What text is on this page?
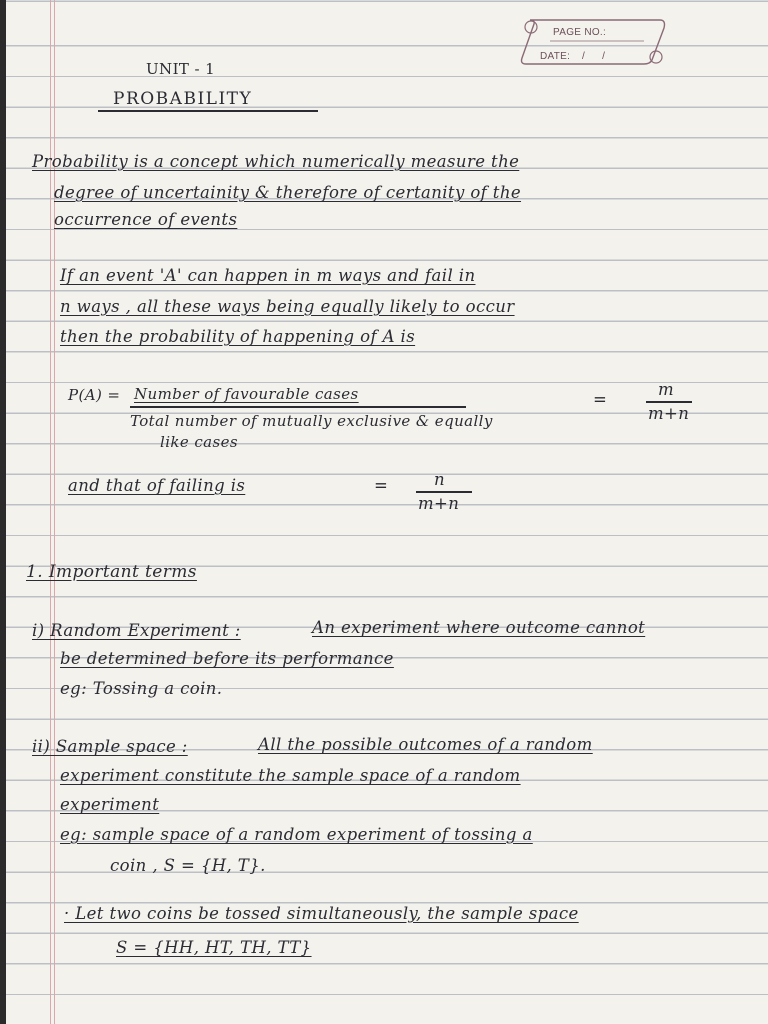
PAGE NO.:
DATE: / /

UNIT - 1

PROBABILITY

Probability is a concept which numerically measure the

degree of uncertainity & therefore of certanity of the

occurrence of events

If an event 'A' can happen in m ways and fail in

n ways , all these ways being equally likely to occur

then the probability of happening of A is

P(A) = Number of favourable cases

Total number of mutually exclusive & equally

like cases

=

m

m+n

and that of failing is	=	n

m+n

1. Important terms

i) Random Experiment :	An experiment where outcome cannot

be determined before its performance

eg: Tossing a coin.

ii) Sample space :	All the possible outcomes of a random

experiment constitute the sample space of a random

experiment

eg: sample space of a random experiment of tossing a

coin , S = {H, T}.

· Let two coins be tossed simultaneously, the sample space

S = {HH, HT, TH, TT}
